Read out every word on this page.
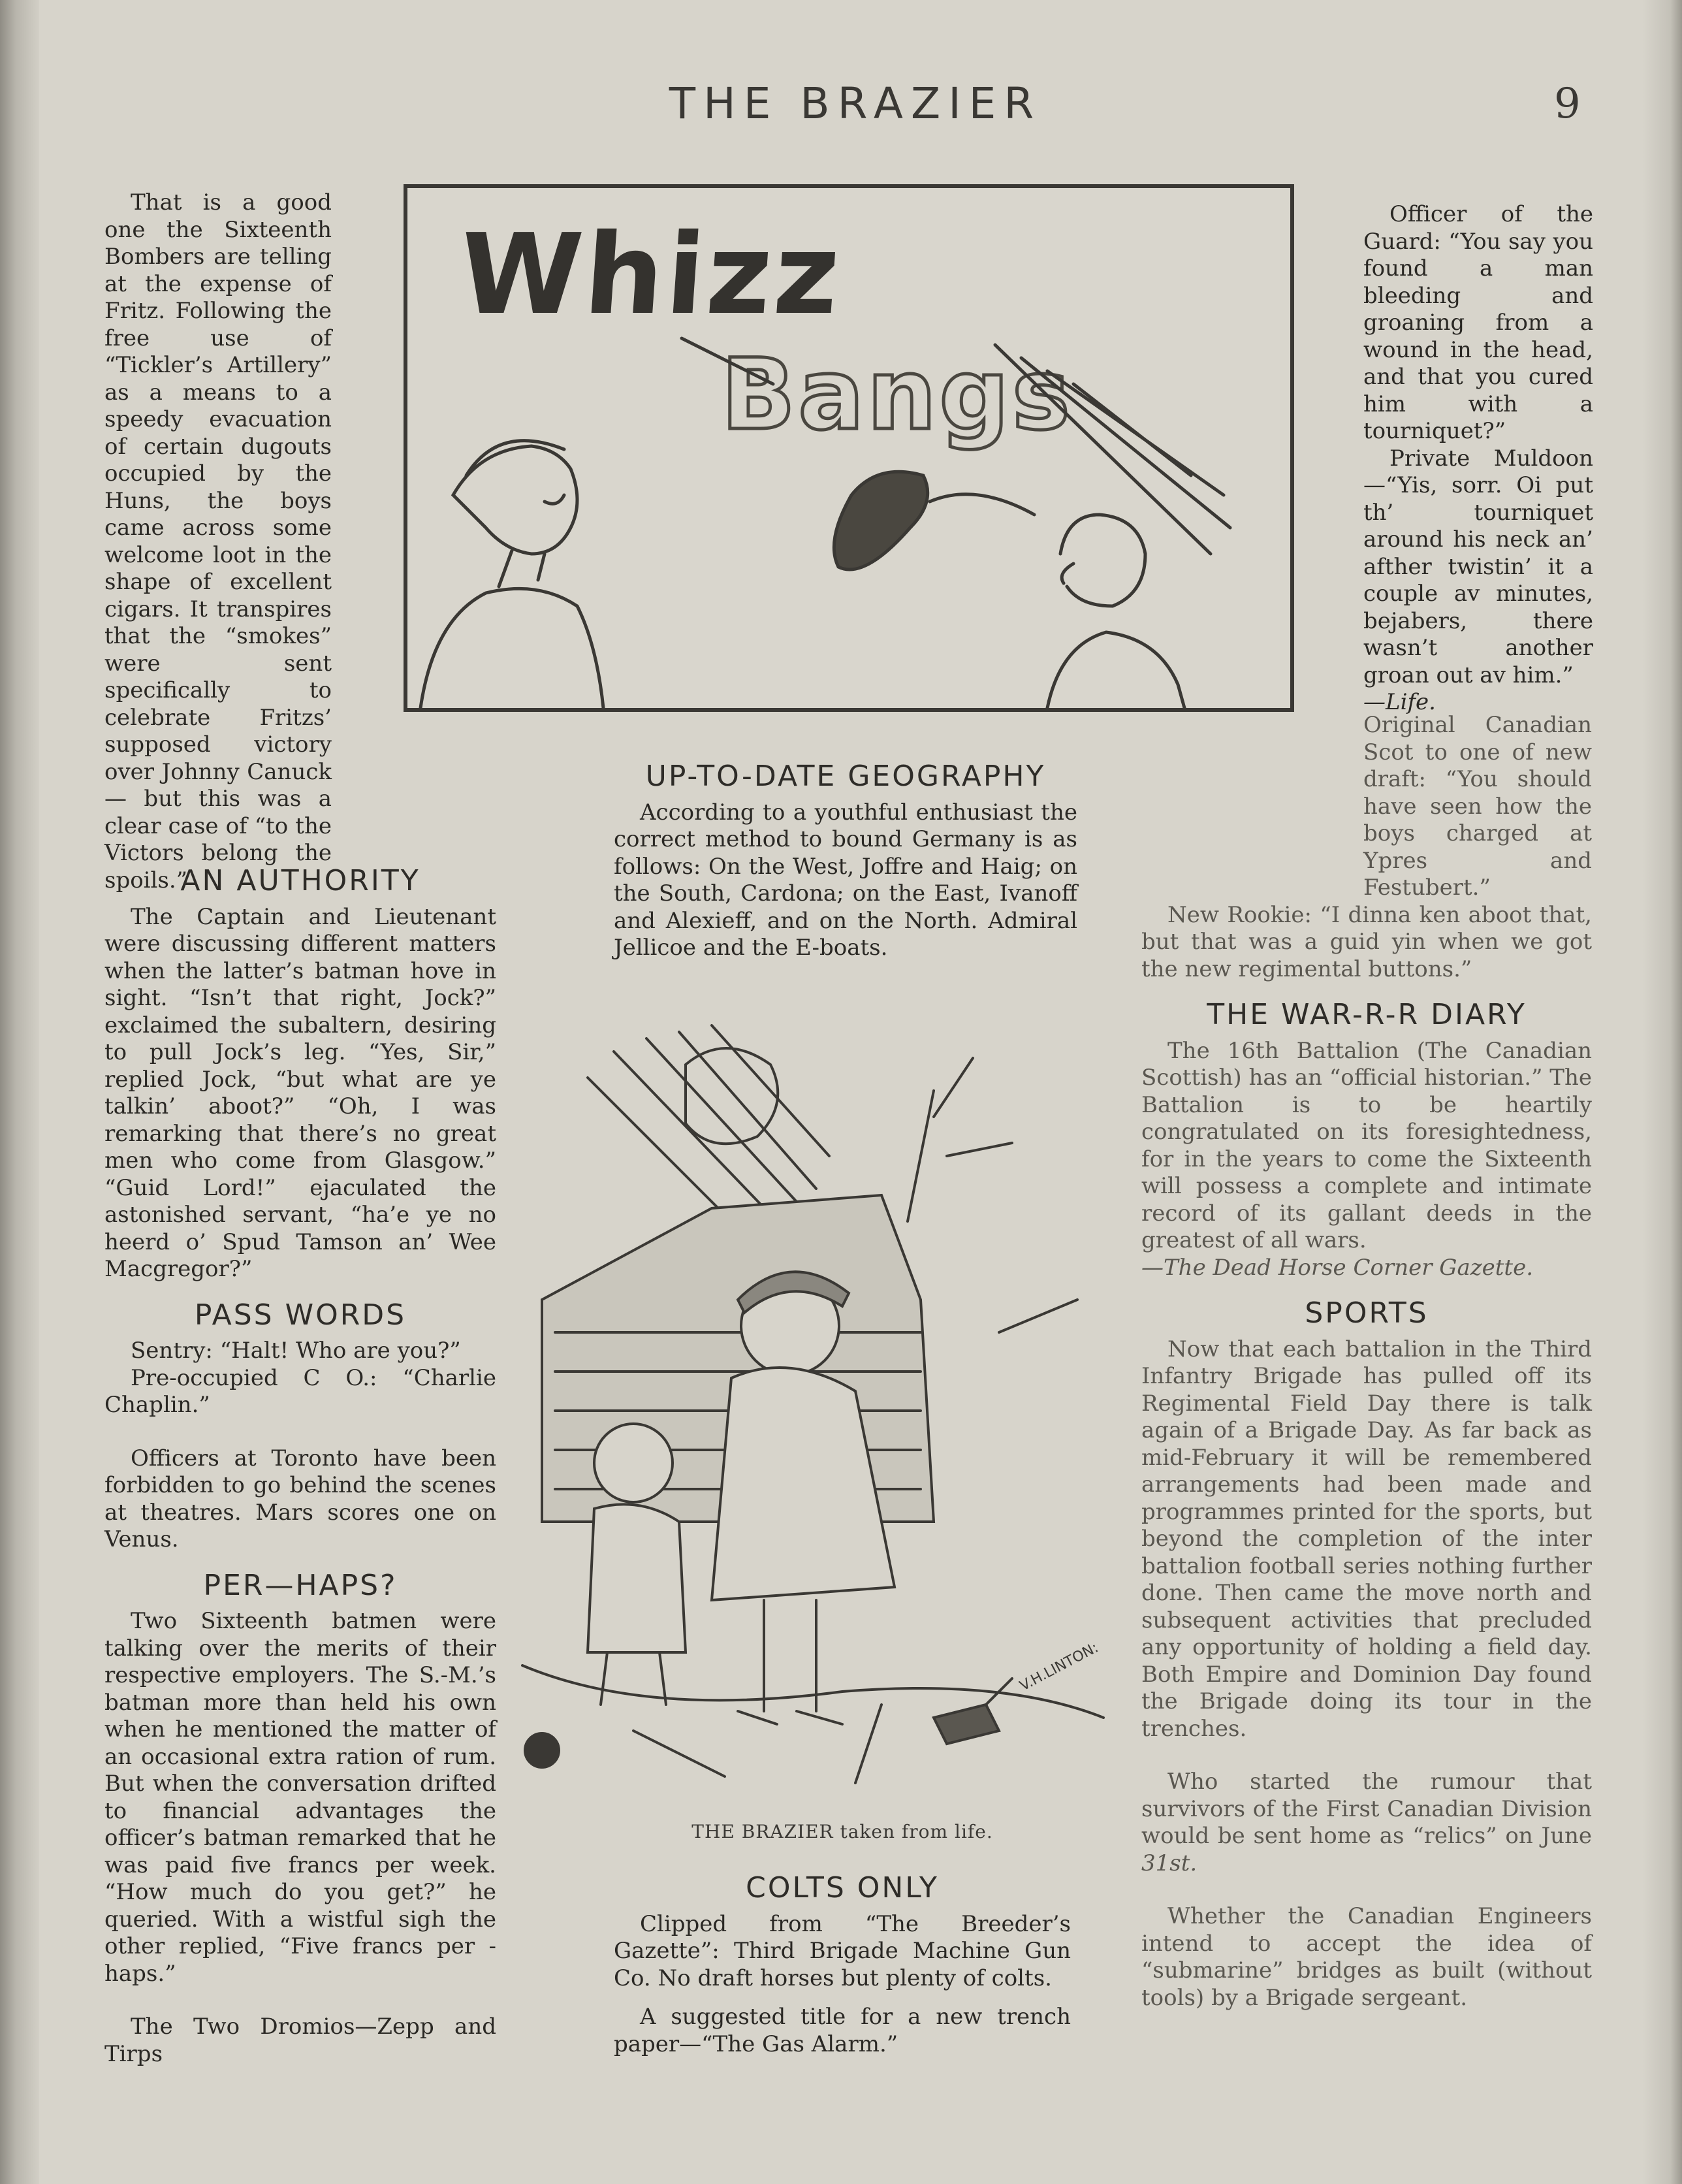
THE BRAZIER	9

That is a good one the Sixteenth Bombers are telling at the expense of Fritz. Following the free use of “Tickler’s Artillery” as a means to a speedy evacuation of certain dugouts occupied by the Huns, the boys came across some welcome loot in the shape of excellent cigars. It transpires that the “smokes” were sent specifically to celebrate Fritzs’ supposed victory over Johnny Canuck — but this was a clear case of “to the Victors belong the spoils.”

AN AUTHORITY

The Captain and Lieutenant were discussing different matters when the latter’s batman hove in sight. “Isn’t that right, Jock?” exclaimed the subaltern, desiring to pull Jock’s leg. “Yes, Sir,” replied Jock, “but what are ye talkin’ aboot?” “Oh, I was remarking that there’s no great men who come from Glasgow.” “Guid Lord!” ejaculated the astonished servant, “ha’e ye no heerd o’ Spud Tamson an’ Wee Macgregor?”

PASS WORDS

Sentry: “Halt! Who are you?”

Pre-occupied C O.: “Charlie Chaplin.”

Officers at Toronto have been forbidden to go behind the scenes at theatres. Mars scores one on Venus.

PER—HAPS?

Two Sixteenth batmen were talking over the merits of their respective employers. The S.-M.’s batman more than held his own when he mentioned the matter of an occasional extra ration of rum. But when the conversation drifted to financial advantages the officer’s batman remarked that he was paid five francs per week. “How much do you get?” he queried. With a wistful sigh the other replied, “Five francs per - haps.”

The Two Dromios—Zepp and Tirps

Whizz
Bangs
UP-TO-DATE GEOGRAPHY

According to a youthful enthusiast the correct method to bound Germany is as follows: On the West, Joffre and Haig; on the South, Cardona; on the East, Ivanoff and Alexieff, and on the North. Admiral Jellicoe and the E-boats.

V.H.LINTON:
THE BRAZIER taken from life.
COLTS ONLY

Clipped from “The Breeder’s Gazette”: Third Brigade Machine Gun Co. No draft horses but plenty of colts.

A suggested title for a new trench paper—“The Gas Alarm.”

Officer of the Guard: “You say you found a man bleeding and groaning from a wound in the head, and that you cured him with a tourniquet?”

Private Muldoon—“Yis, sorr. Oi put th’ tourniquet around his neck an’ afther twistin’ it a couple av minutes, bejabers, there wasn’t another groan out av him.”

—Life.

Original Canadian Scot to one of new draft: “You should have seen how the boys charged at Ypres and Festubert.”

New Rookie: “I dinna ken aboot that, but that was a guid yin when we got the new regimental buttons.”

THE WAR-R-R DIARY

The 16th Battalion (The Canadian Scottish) has an “official historian.” The Battalion is to be heartily congratulated on its foresightedness, for in the years to come the Sixteenth will possess a complete and intimate record of its gallant deeds in the greatest of all wars.

—The Dead Horse Corner Gazette.

SPORTS

Now that each battalion in the Third Infantry Brigade has pulled off its Regimental Field Day there is talk again of a Brigade Day. As far back as mid-February it will be remembered arrangements had been made and programmes printed for the sports, but beyond the completion of the inter battalion football series nothing further done. Then came the move north and subsequent activities that precluded any opportunity of holding a field day. Both Empire and Dominion Day found the Brigade doing its tour in the trenches.

Who started the rumour that survivors of the First Canadian Division would be sent home as “relics” on June 31st.

Whether the Canadian Engineers intend to accept the idea of “submarine” bridges as built (without tools) by a Brigade sergeant.
